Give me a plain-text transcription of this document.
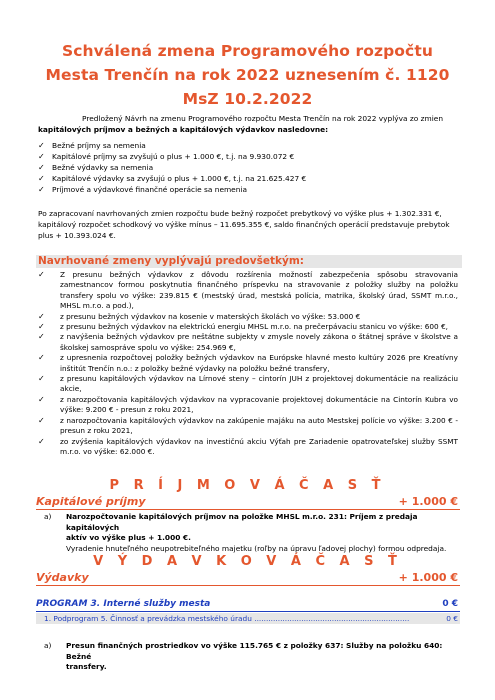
Schválená zmena Programového rozpočtu
Mesta Trenčín na rok 2022 uznesením č. 1120
MsZ 10.2.2022
Predložený Návrh na zmenu Programového rozpočtu Mesta Trenčín na rok 2022 vyplýva zo zmien
kapitálových príjmov a bežných a kapitálových výdavkov nasledovne:
✓ Bežné príjmy sa nemenia
✓ Kapitálové príjmy sa zvyšujú o plus + 1.000 €, t.j. na 9.930.072 €
✓ Bežné výdavky sa nemenia
✓ Kapitálové výdavky sa zvyšujú o plus + 1.000 €, t.j. na 21.625.427 €
✓ Príjmové a výdavkové finančné operácie sa nemenia
Po zapracovaní navrhovaných zmien rozpočtu bude bežný rozpočet prebytkový vo výške plus + 1.302.331 €,
kapitálový rozpočet schodkový vo výške mínus – 11.695.355 €, saldo finančných operácií predstavuje prebytok
plus + 10.393.024 €.
Navrhované zmeny vyplývajú predovšetkým:
✓	Z presunu bežných výdavkov z dôvodu rozšírenia možností zabezpečenia spôsobu stravovania zamestnancov formou poskytnutia finančného príspevku na stravovanie z položky služby na položku transfery spolu vo výške: 239.815 € (mestský úrad, mestská polícia, matrika, školský úrad, SSMT m.r.o., MHSL m.r.o. a pod.),
✓	z presunu bežných výdavkov na kosenie v materských školách vo výške: 53.000 €
✓	z presunu bežných výdavkov na elektrickú energiu MHSL m.r.o. na prečerpávaciu stanicu vo výške: 600 €,
✓	z navýšenia bežných výdavkov pre neštátne subjekty v zmysle novely zákona o štátnej správe v školstve a školskej samospráve spolu vo výške: 254.969 €,
✓	z upresnenia rozpočtovej položky bežných výdavkov na Európske hlavné mesto kultúry 2026 pre Kreatívny inštitút Trenčín n.o.: z položky bežné výdavky na položku bežné transfery,
✓	z presunu kapitálových výdavkov na Lírnové steny – cintorín JUH z projektovej dokumentácie na realizáciu akcie,
✓	z narozpočtovania kapitálových výdavkov na vypracovanie projektovej dokumentácie na Cintorín Kubra vo výške: 9.200 € - presun z roku 2021,
✓	z narozpočtovania kapitálových výdavkov na zakúpenie majáku na auto Mestskej polície vo výške: 3.200 € - presun z roku 2021,
✓	zo zvýšenia kapitálových výdavkov na investičnú akciu Výťah pre Zariadenie opatrovateľskej služby SSMT m.r.o. vo výške: 62.000 €.
P R Í J M O V Á Č A S Ť
Kapitálové príjmy	+ 1.000 €
a)	Narozpočtovanie kapitálových príjmov na položke MHSL m.r.o. 231: Príjem z predaja kapitálových
aktív vo výške plus + 1.000 €.
Vyradenie hnuteľného neupotrebiteľného majetku (roľby na úpravu ľadovej plochy) formou odpredaja.
V Ý D A V K O V Á Č A S Ť
Výdavky	+ 1.000 €
PROGRAM 3. Interné služby mesta	0 €
1. Podprogram 5. Činnosť a prevádzka mestského úradu ..................................................................	0 €
a)	Presun finančných prostriedkov vo výške 115.765 € z položky 637: Služby na položku 640: Bežné
transfery.
